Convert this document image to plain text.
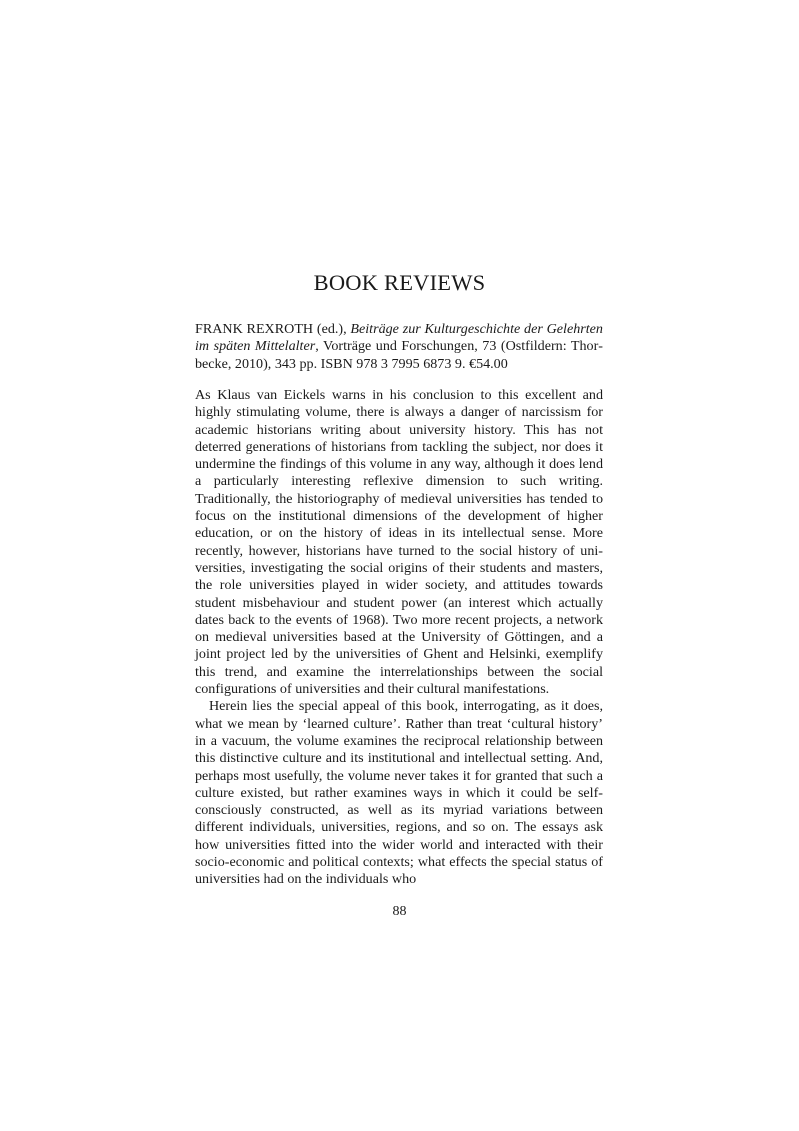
BOOK REVIEWS
FRANK REXROTH (ed.), Beiträge zur Kulturgeschichte der Gelehrten im späten Mittelalter, Vorträge und Forschungen, 73 (Ostfildern: Thorbecke, 2010), 343 pp. ISBN 978 3 7995 6873 9. €54.00

As Klaus van Eickels warns in his conclusion to this excellent and highly stimulating volume, there is always a danger of narcissism for academic historians writing about university history. This has not deterred generations of historians from tackling the subject, nor does it undermine the findings of this volume in any way, although it does lend a particularly interesting reflexive dimension to such writing. Traditionally, the historiography of medieval universities has tended to focus on the institutional dimensions of the development of higher education, or on the history of ideas in its intellectual sense. More recently, however, historians have turned to the social history of universities, investigating the social origins of their students and masters, the role universities played in wider society, and attitudes towards student misbehaviour and student power (an interest which actually dates back to the events of 1968). Two more recent projects, a network on medieval universities based at the University of Göttingen, and a joint project led by the universities of Ghent and Helsinki, exemplify this trend, and examine the interrelationships between the social configurations of universities and their cultural manifestations.

Herein lies the special appeal of this book, interrogating, as it does, what we mean by ‘learned culture’. Rather than treat ‘cultural history’ in a vacuum, the volume examines the reciprocal relationship between this distinctive culture and its institutional and intellectual setting. And, perhaps most usefully, the volume never takes it for granted that such a culture existed, but rather examines ways in which it could be self-consciously constructed, as well as its myriad variations between different individuals, universities, regions, and so on. The essays ask how universities fitted into the wider world and interacted with their socio-economic and political contexts; what effects the special status of universities had on the individuals who

88
